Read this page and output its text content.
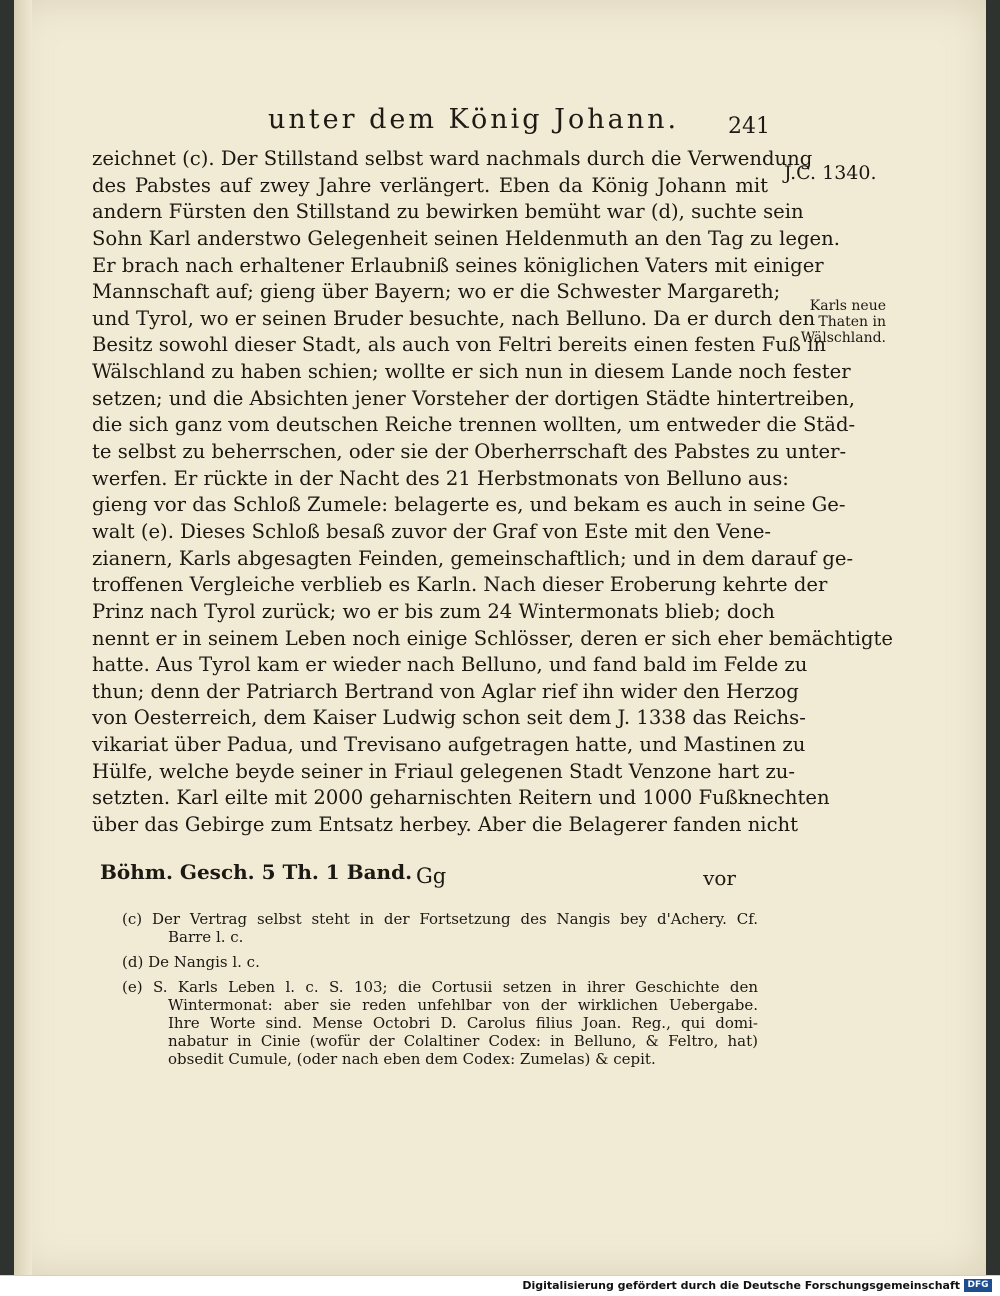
unter dem König Johann. 241
zeichnet (c). Der Stillstand selbst ward nachmals durch die Verwendung
des Pabstes auf zwey Jahre verlängert. Eben da König Johann mit
andern Fürsten den Stillstand zu bewirken bemüht war (d), suchte sein
Sohn Karl anderstwo Gelegenheit seinen Heldenmuth an den Tag zu legen.
Er brach nach erhaltener Erlaubniß seines königlichen Vaters mit einiger
Mannschaft auf; gieng über Bayern; wo er die Schwester Margareth;
und Tyrol, wo er seinen Bruder besuchte, nach Belluno. Da er durch den
Besitz sowohl dieser Stadt, als auch von Feltri bereits einen festen Fuß in
Wälschland zu haben schien; wollte er sich nun in diesem Lande noch fester
setzen; und die Absichten jener Vorsteher der dortigen Städte hintertreiben,
die sich ganz vom deutschen Reiche trennen wollten, um entweder die Städ-
te selbst zu beherrschen, oder sie der Oberherrschaft des Pabstes zu unter-
werfen. Er rückte in der Nacht des 21 Herbstmonats von Belluno aus:
gieng vor das Schloß Zumele: belagerte es, und bekam es auch in seine Ge-
walt (e). Dieses Schloß besaß zuvor der Graf von Este mit den Vene-
zianern, Karls abgesagten Feinden, gemeinschaftlich; und in dem darauf ge-
troffenen Vergleiche verblieb es Karln. Nach dieser Eroberung kehrte der
Prinz nach Tyrol zurück; wo er bis zum 24 Wintermonats blieb; doch
nennt er in seinem Leben noch einige Schlösser, deren er sich eher bemächtigte
hatte. Aus Tyrol kam er wieder nach Belluno, und fand bald im Felde zu
thun; denn der Patriarch Bertrand von Aglar rief ihn wider den Herzog
von Oesterreich, dem Kaiser Ludwig schon seit dem J. 1338 das Reichs-
vikariat über Padua, und Trevisano aufgetragen hatte, und Mastinen zu
Hülfe, welche beyde seiner in Friaul gelegenen Stadt Venzone hart zu-
setzten. Karl eilte mit 2000 geharnischten Reitern und 1000 Fußknechten
über das Gebirge zum Entsatz herbey. Aber die Belagerer fanden nicht
J.C. 1340.
Karls neue
Thaten in
Wälschland.
Böhm. Gesch. 5 Th. 1 Band. Gg	vor
(c) Der Vertrag selbst steht in der Fortsetzung des Nangis bey d'Achery. Cf.
Barre l. c.
(d) De Nangis l. c.
(e) S. Karls Leben l. c. S. 103; die Cortusii setzen in ihrer Geschichte den
Wintermonat: aber sie reden unfehlbar von der wirklichen Uebergabe.
Ihre Worte sind. Mense Octobri D. Carolus filius Joan. Reg., qui domi-
nabatur in Cinie (wofür der Colaltiner Codex: in Belluno, & Feltro, hat)
obsedit Cumule, (oder nach eben dem Codex: Zumelas) & cepit.
Digitalisierung gefördert durch die Deutsche Forschungsgemeinschaft DFG
